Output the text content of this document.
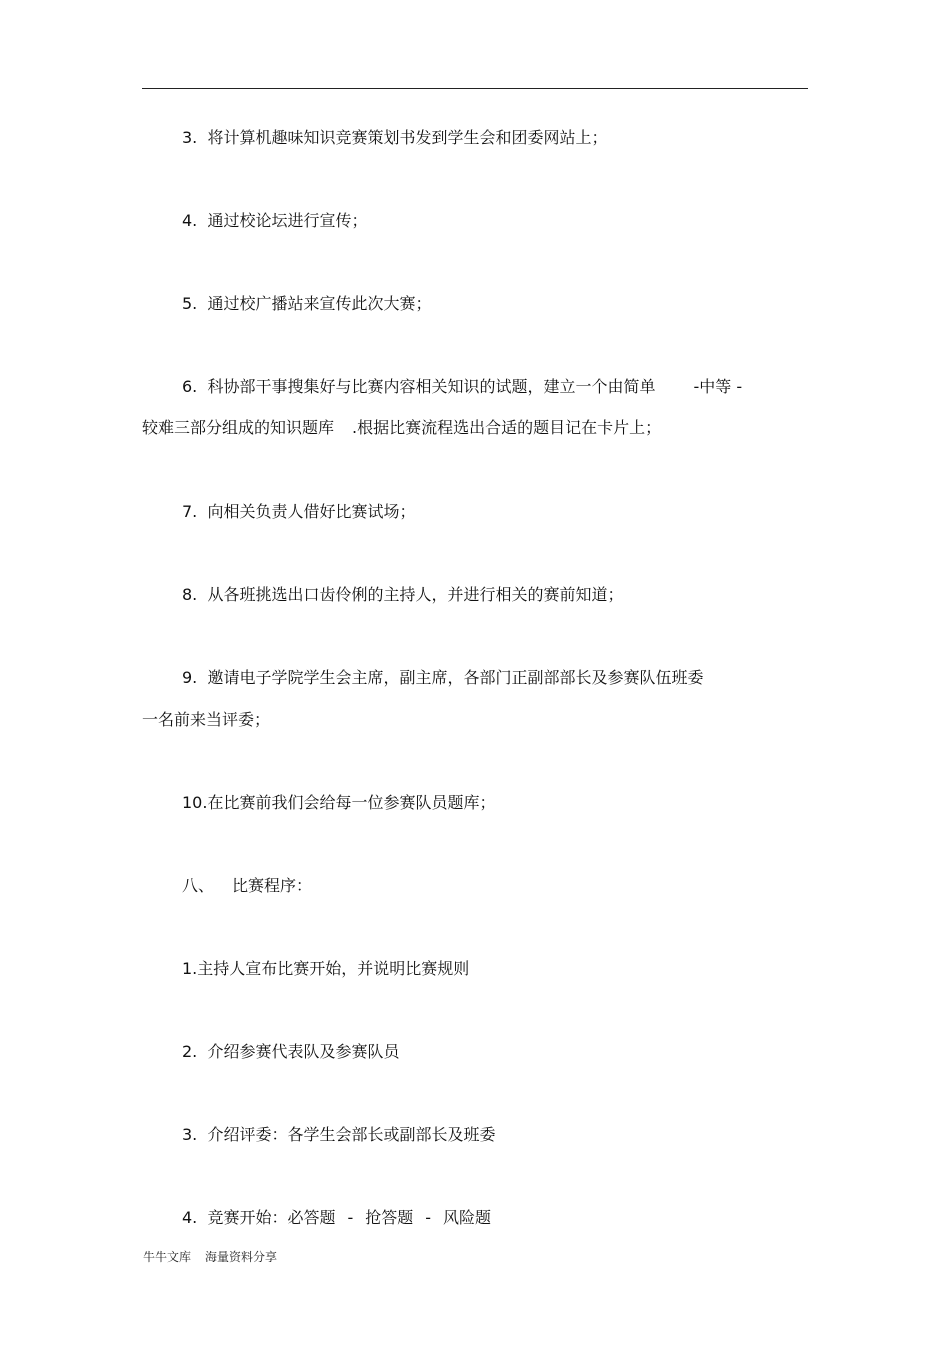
3. 将计算机趣味知识竞赛策划书发到学生会和团委网站上；
4. 通过校论坛进行宣传；
5. 通过校广播站来宣传此次大赛；
6. 科协部干事搜集好与比赛内容相关知识的试题，建立一个由简单 -中等 -
较难三部分组成的知识题库 .根据比赛流程选出合适的题目记在卡片上；
7. 向相关负责人借好比赛试场；
8. 从各班挑选出口齿伶俐的主持人，并进行相关的赛前知道；
9. 邀请电子学院学生会主席，副主席，各部门正副部部长及参赛队伍班委
一名前来当评委；
10.在比赛前我们会给每一位参赛队员题库；
八、 比赛程序：
1.主持人宣布比赛开始，并说明比赛规则
2. 介绍参赛代表队及参赛队员
3. 介绍评委：各学生会部长或副部长及班委
4. 竞赛开始：必答题 - 抢答题 - 风险题
牛牛文库 海量资料分享
